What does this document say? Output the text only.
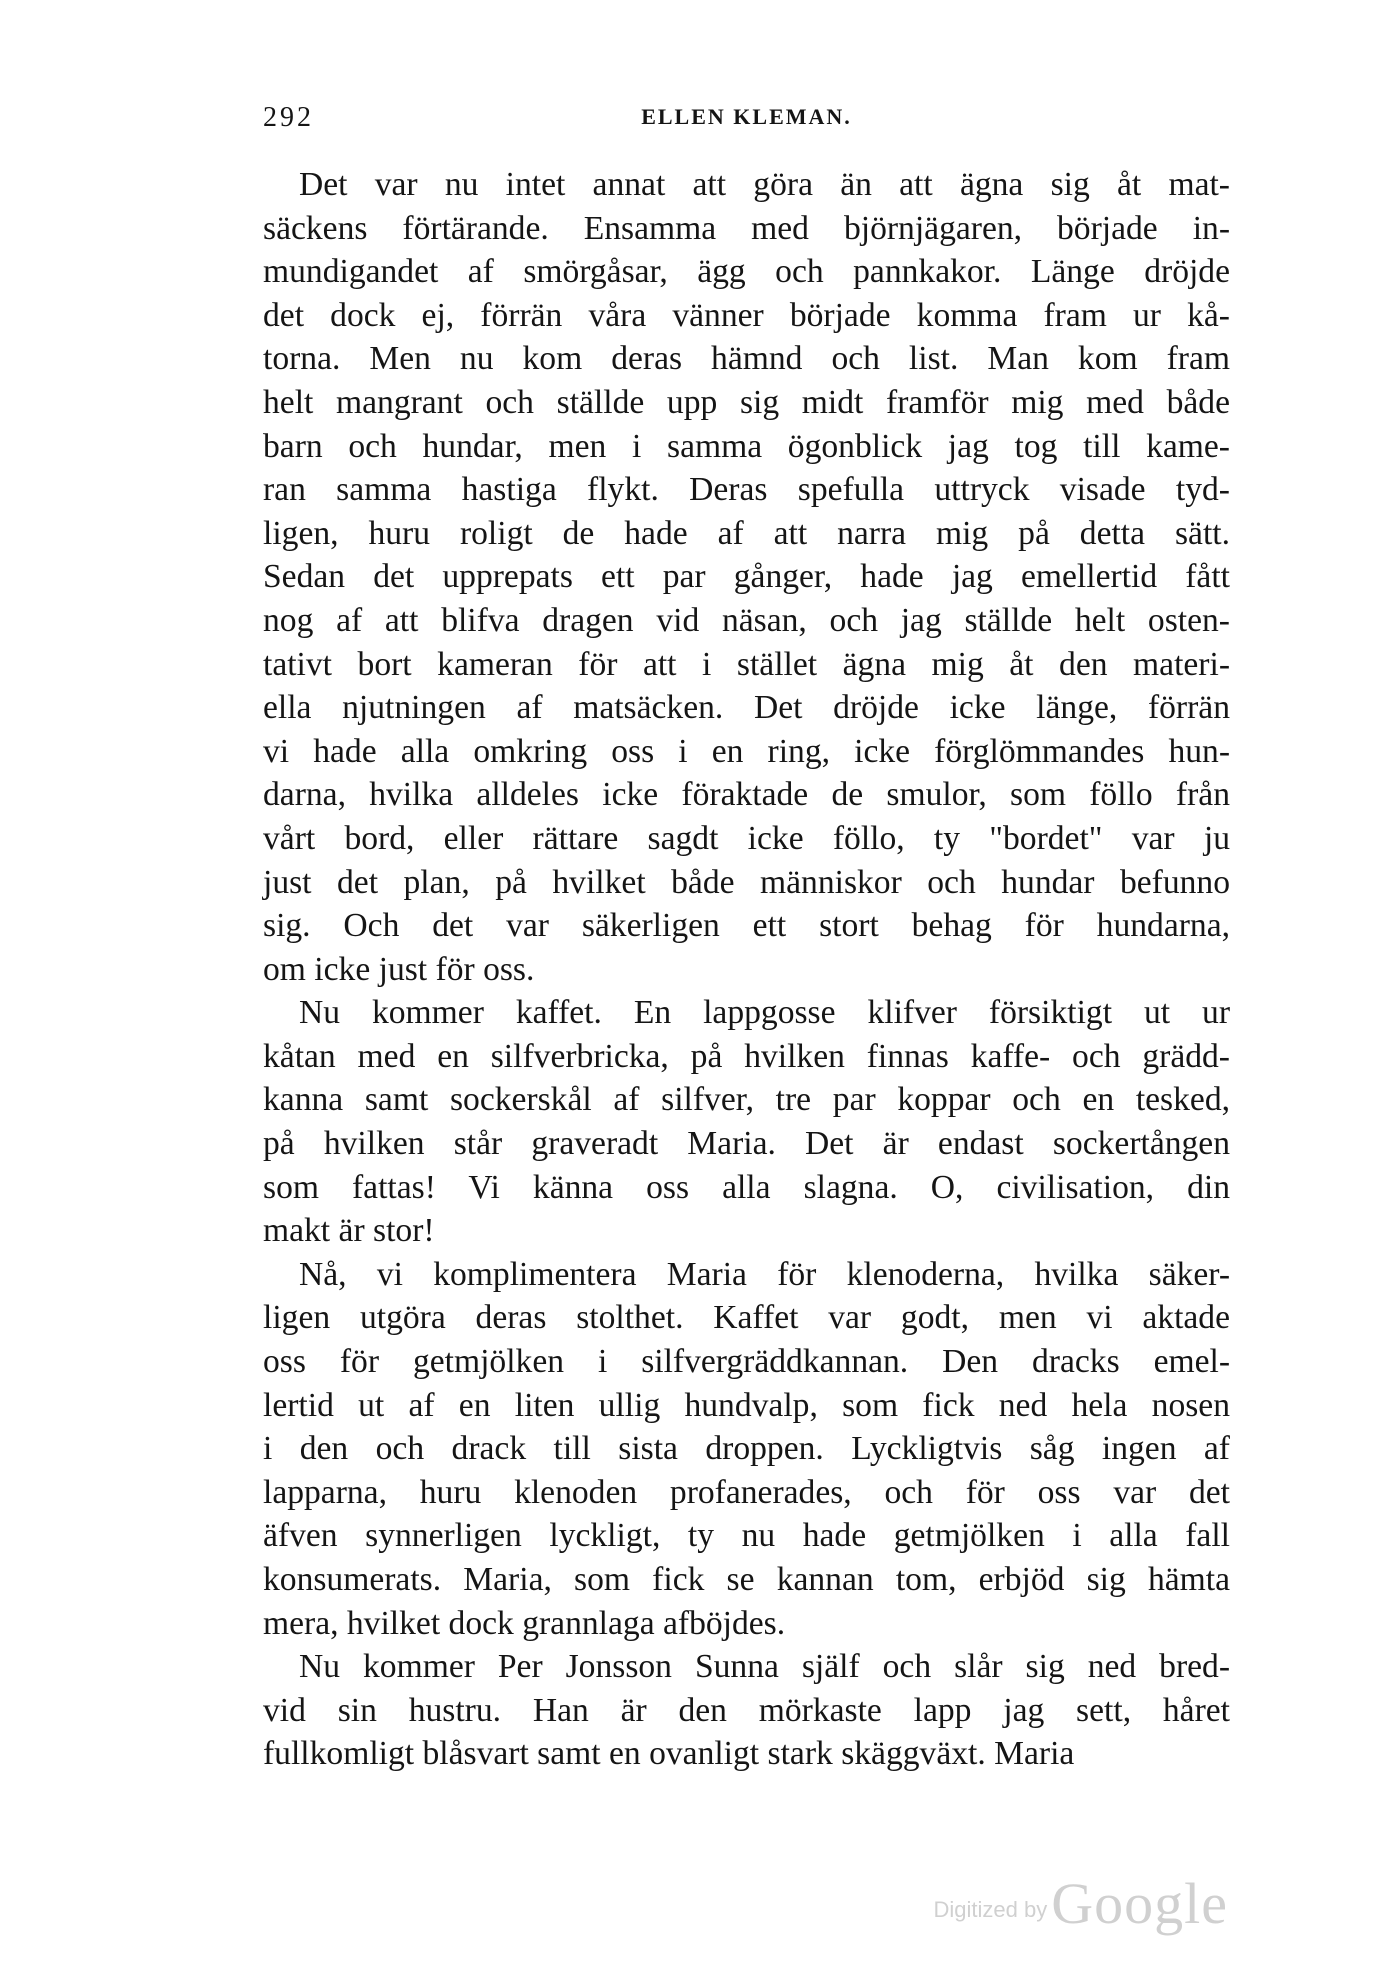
292	ELLEN KLEMAN.
Det var nu intet annat att göra än att ägna sig åt mat-
säckens förtärande. Ensamma med björnjägaren, började in-
mundigandet af smörgåsar, ägg och pannkakor. Länge dröjde
det dock ej, förrän våra vänner började komma fram ur kå-
torna. Men nu kom deras hämnd och list. Man kom fram
helt mangrant och ställde upp sig midt framför mig med både
barn och hundar, men i samma ögonblick jag tog till kame-
ran samma hastiga flykt. Deras spefulla uttryck visade tyd-
ligen, huru roligt de hade af att narra mig på detta sätt.
Sedan det upprepats ett par gånger, hade jag emellertid fått
nog af att blifva dragen vid näsan, och jag ställde helt osten-
tativt bort kameran för att i stället ägna mig åt den materi-
ella njutningen af matsäcken. Det dröjde icke länge, förrän
vi hade alla omkring oss i en ring, icke förglömmandes hun-
darna, hvilka alldeles icke föraktade de smulor, som föllo från
vårt bord, eller rättare sagdt icke föllo, ty "bordet" var ju
just det plan, på hvilket både människor och hundar befunno
sig. Och det var säkerligen ett stort behag för hundarna,
om icke just för oss.
Nu kommer kaffet. En lappgosse klifver försiktigt ut ur
kåtan med en silfverbricka, på hvilken finnas kaffe- och grädd-
kanna samt sockerskål af silfver, tre par koppar och en tesked,
på hvilken står graveradt Maria. Det är endast sockertången
som fattas! Vi känna oss alla slagna. O, civilisation, din
makt är stor!
Nå, vi komplimentera Maria för klenoderna, hvilka säker-
ligen utgöra deras stolthet. Kaffet var godt, men vi aktade
oss för getmjölken i silfvergräddkannan. Den dracks emel-
lertid ut af en liten ullig hundvalp, som fick ned hela nosen
i den och drack till sista droppen. Lyckligtvis såg ingen af
lapparna, huru klenoden profanerades, och för oss var det
äfven synnerligen lyckligt, ty nu hade getmjölken i alla fall
konsumerats. Maria, som fick se kannan tom, erbjöd sig hämta
mera, hvilket dock grannlaga afböjdes.
Nu kommer Per Jonsson Sunna själf och slår sig ned bred-
vid sin hustru. Han är den mörkaste lapp jag sett, håret
fullkomligt blåsvart samt en ovanligt stark skäggväxt. Maria
Digitized byGoogle
